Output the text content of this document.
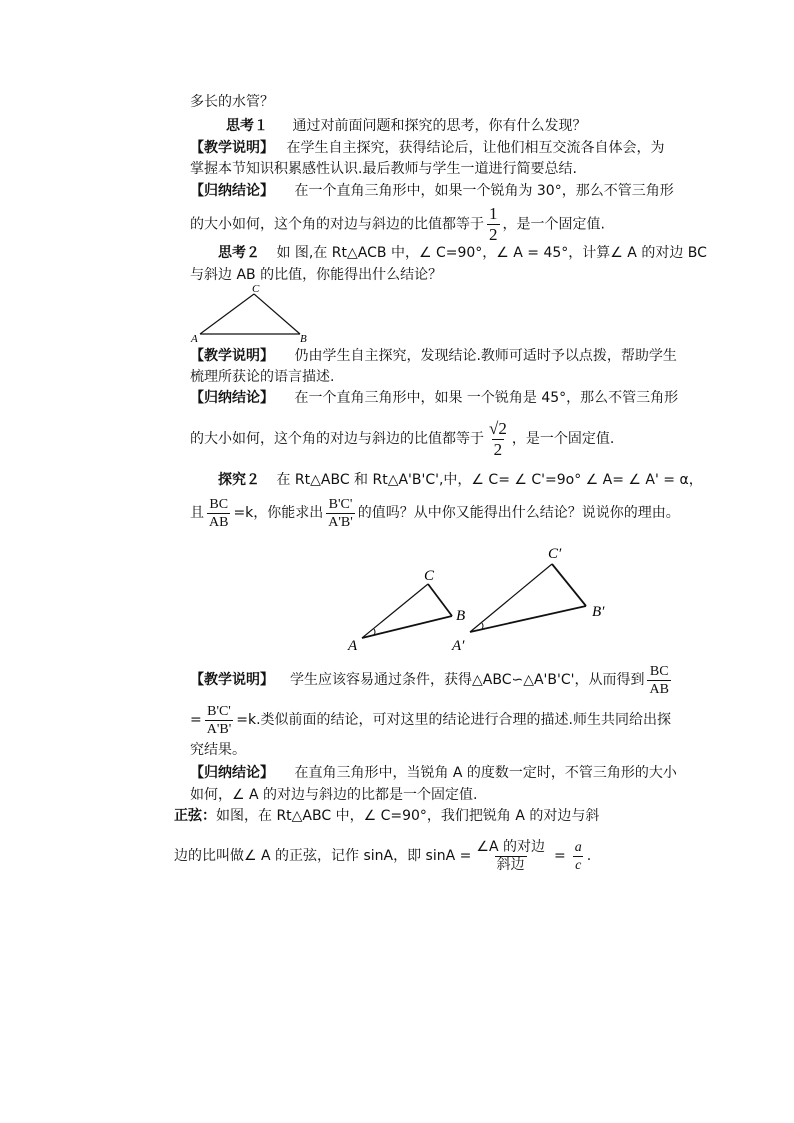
多长的水管？
思考１ 通过对前面问题和探究的思考，你有什么发现？
【教学说明】 在学生自主探究，获得结论后，让他们相互交流各自体会，为
掌握本节知识积累感性认识.最后教师与学生一道进行简要总结.
【归纳结论】 在一个直角三角形中，如果一个锐角为 30°，那么不管三角形
的大小如何，这个角的对边与斜边的比值都等于 $\frac{1}{2}$ ，是一个固定值.
思考２ 如 图,在 Rt△ACB 中，∠ C=90°，∠ A = 45°，计算∠ A 的对边 BC
与斜边 AB 的比值，你能得出什么结论？
C
A	B
【教学说明】 仍由学生自主探究，发现结论.教师可适时予以点拨，帮助学生
梳理所获论的语言描述.
【归纳结论】 在一个直角三角形中，如果 一个锐角是 45°，那么不管三角形
的大小如何，这个角的对边与斜边的比值都等于 $\frac{√2}{2}$ ，是一个固定值.
探究２ 在 Rt△ABC 和 Rt△A'B'C',中，∠ C= ∠ C'=9o° ∠ A= ∠ A' = α，
且 $\frac{BC}{AB} =k$，你能求出 $\frac{B'C'}{A'B'}$ 的值吗？从中你又能得出什么结论？说说你的理由。
C
A
B
C′
A′
B′
【教学说明】 学生应该容易通过条件，获得△ABC∽△A'B'C'，从而得到 $\frac{BC}{AB}$
= $\frac{B'C'}{A'B'} =k$.类似前面的结论，可对这里的结论进行合理的描述.师生共同给出探
究结果。
【归纳结论】 在直角三角形中，当锐角 A 的度数一定时，不管三角形的大小
如何，∠ A 的对边与斜边的比都是一个固定值.
正弦：如图，在 Rt△ABC 中，∠ C=90°，我们把锐角 A 的对边与斜
边的比叫做∠ A 的正弦，记作 sinA，即 $\sin A = \frac{\text{∠A 的对边}}{\text{斜边}} = \frac{a}{c}$ .
